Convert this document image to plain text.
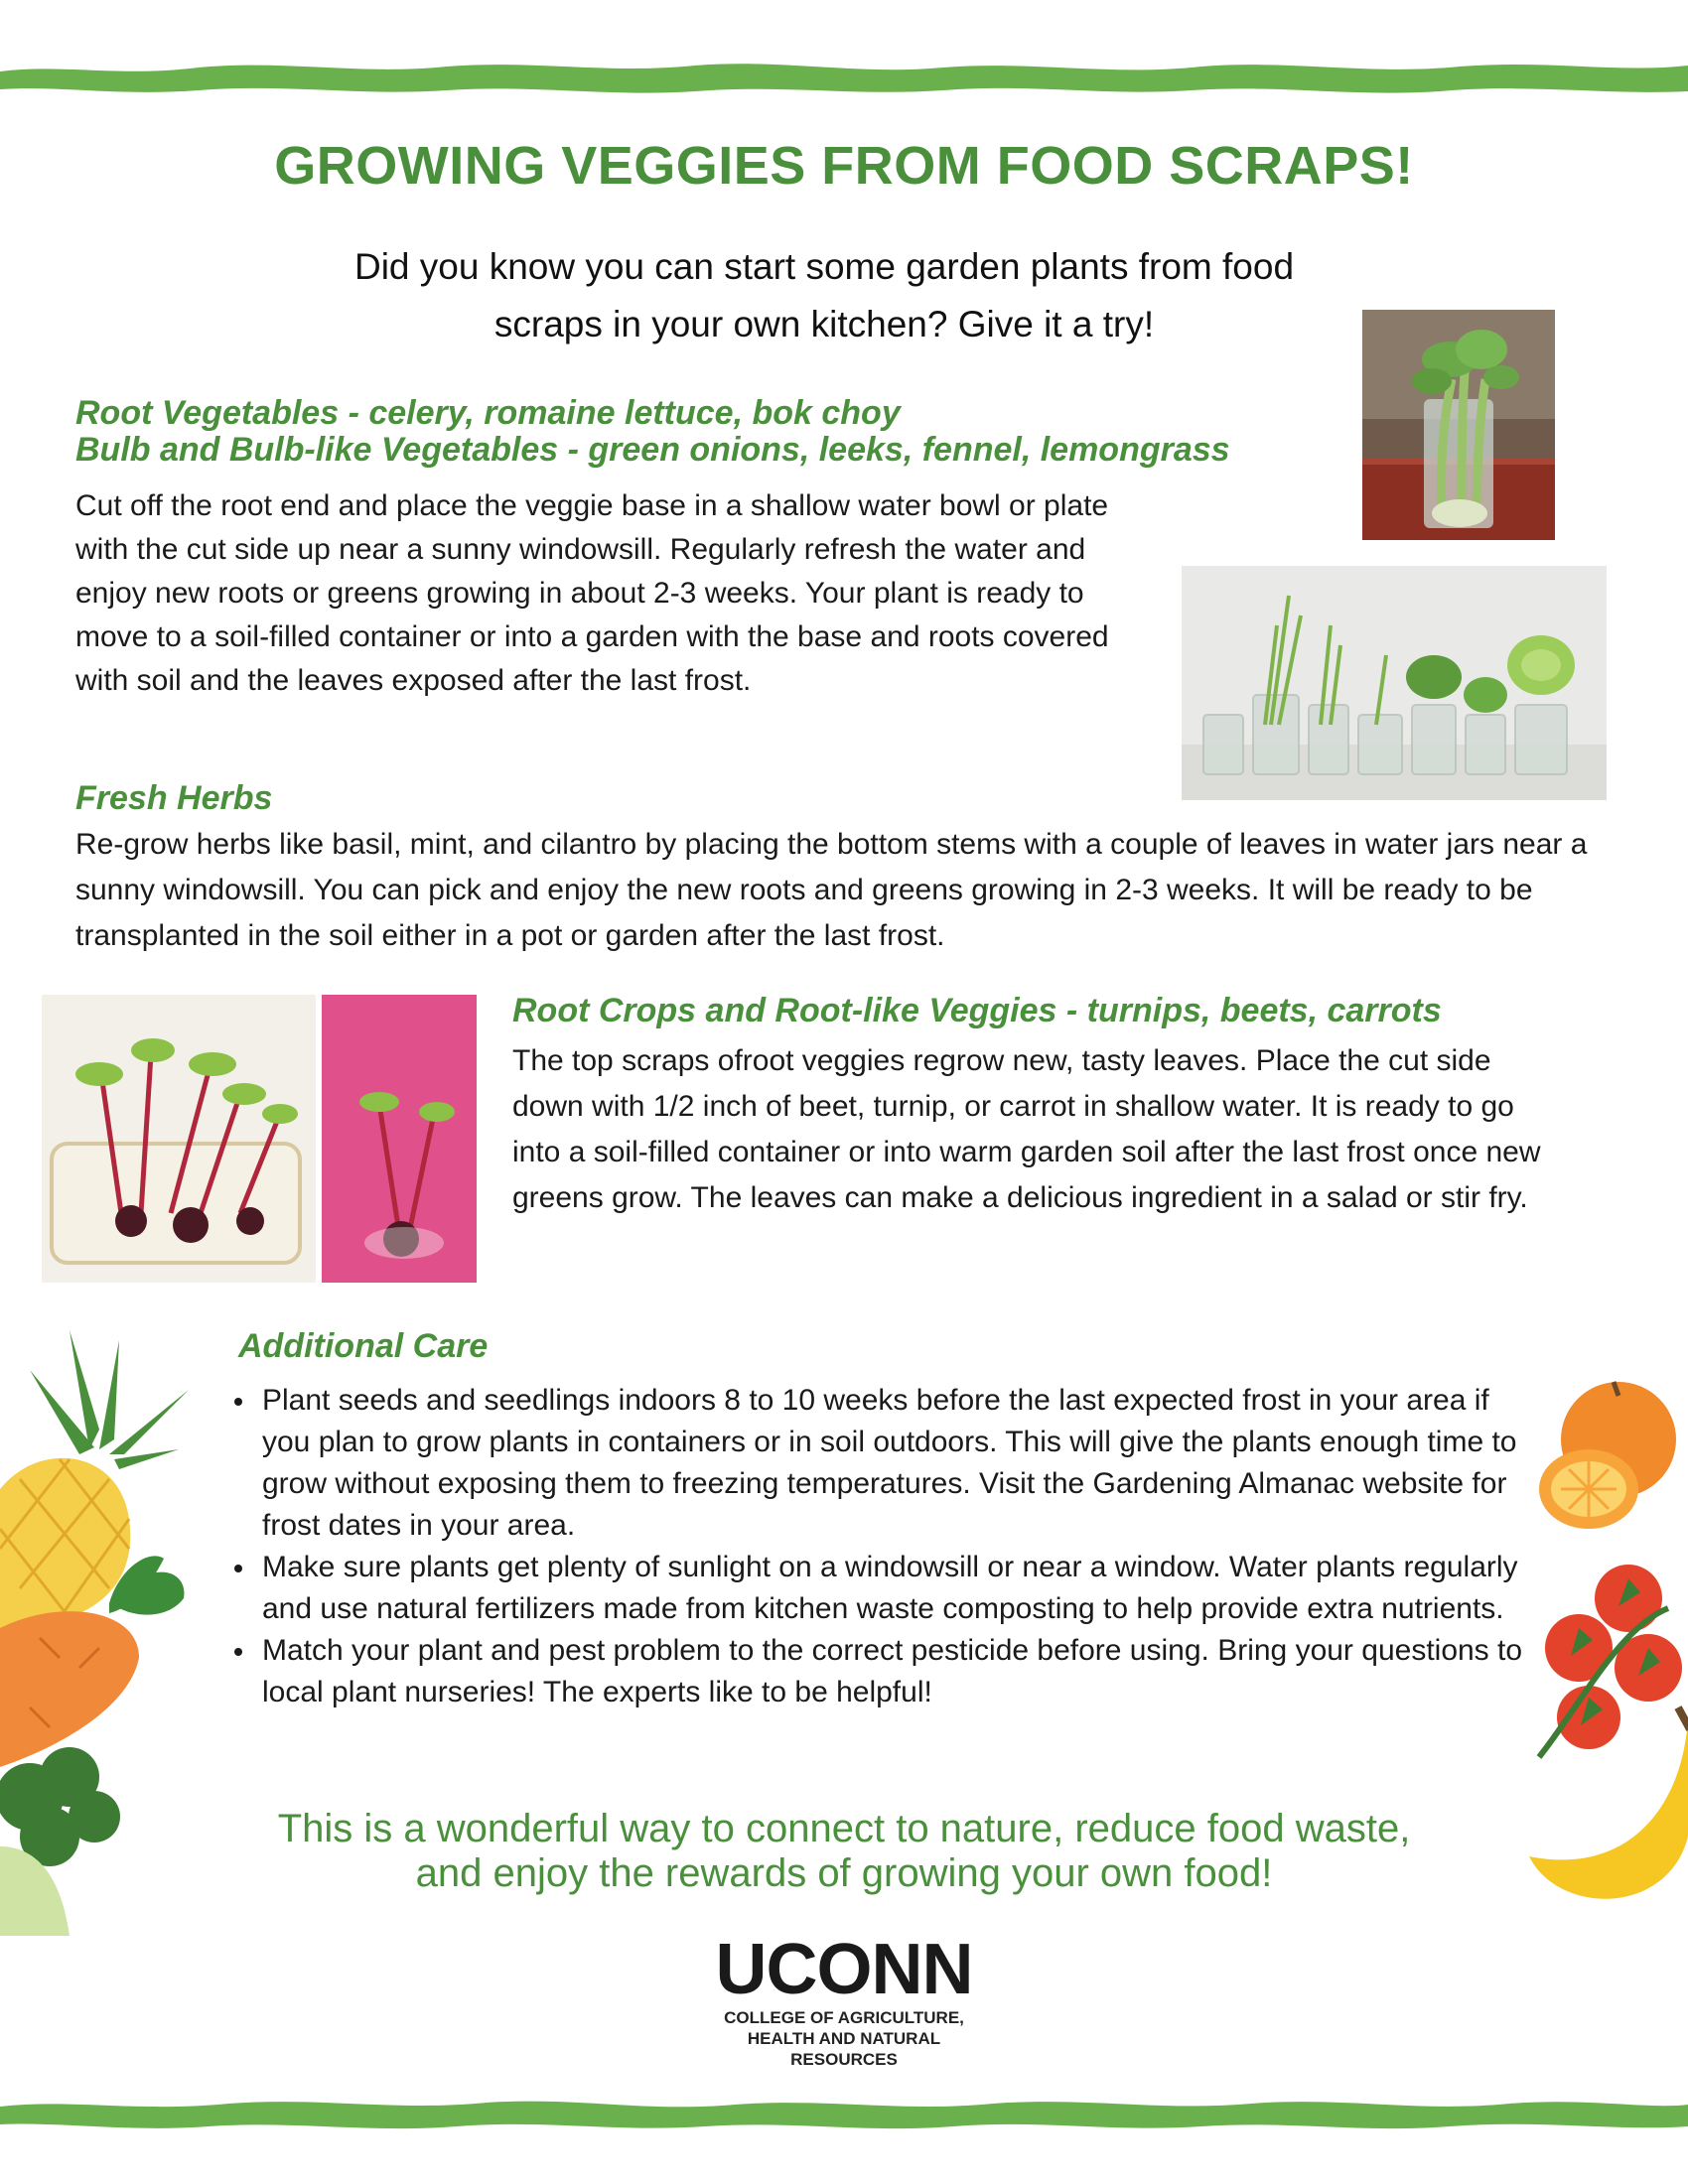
GROWING VEGGIES FROM FOOD SCRAPS!
Did you know you can start some garden plants from food
scraps in your own kitchen? Give it a try!
Root Vegetables - celery, romaine lettuce, bok choy
Bulb and Bulb-like Vegetables - green onions, leeks, fennel, lemongrass
Cut off the root end and place the veggie base in a shallow water bowl or plate with the cut side up near a sunny windowsill. Regularly refresh the water and enjoy new roots or greens growing in about 2-3 weeks. Your plant is ready to move to a soil-filled container or into a garden with the base and roots covered with soil and the leaves exposed after the last frost.
Fresh Herbs
Re-grow herbs like basil, mint, and cilantro by placing the bottom stems with a couple of leaves in water jars near a sunny windowsill. You can pick and enjoy the new roots and greens growing in 2-3 weeks. It will be ready to be transplanted in the soil either in a pot or garden after the last frost.
Root Crops and Root-like Veggies - turnips, beets, carrots
The top scraps ofroot veggies regrow new, tasty leaves. Place the cut side down with 1/2 inch of beet, turnip, or carrot in shallow water. It is ready to go into a soil-filled container or into warm garden soil after the last frost once new greens grow. The leaves can make a delicious ingredient in a salad or stir fry.
Additional Care
Plant seeds and seedlings indoors 8 to 10 weeks before the last expected frost in your area if you plan to grow plants in containers or in soil outdoors. This will give the plants enough time to grow without exposing them to freezing temperatures. Visit the Gardening Almanac website for frost dates in your area.
Make sure plants get plenty of sunlight on a windowsill or near a window. Water plants regularly and use natural fertilizers made from kitchen waste composting to help provide extra nutrients.
Match your plant and pest problem to the correct pesticide before using. Bring your questions to local plant nurseries! The experts like to be helpful!
This is a wonderful way to connect to nature, reduce food waste,
and enjoy the rewards of growing your own food!
UCONN
COLLEGE OF AGRICULTURE,
HEALTH AND NATURAL
RESOURCES
